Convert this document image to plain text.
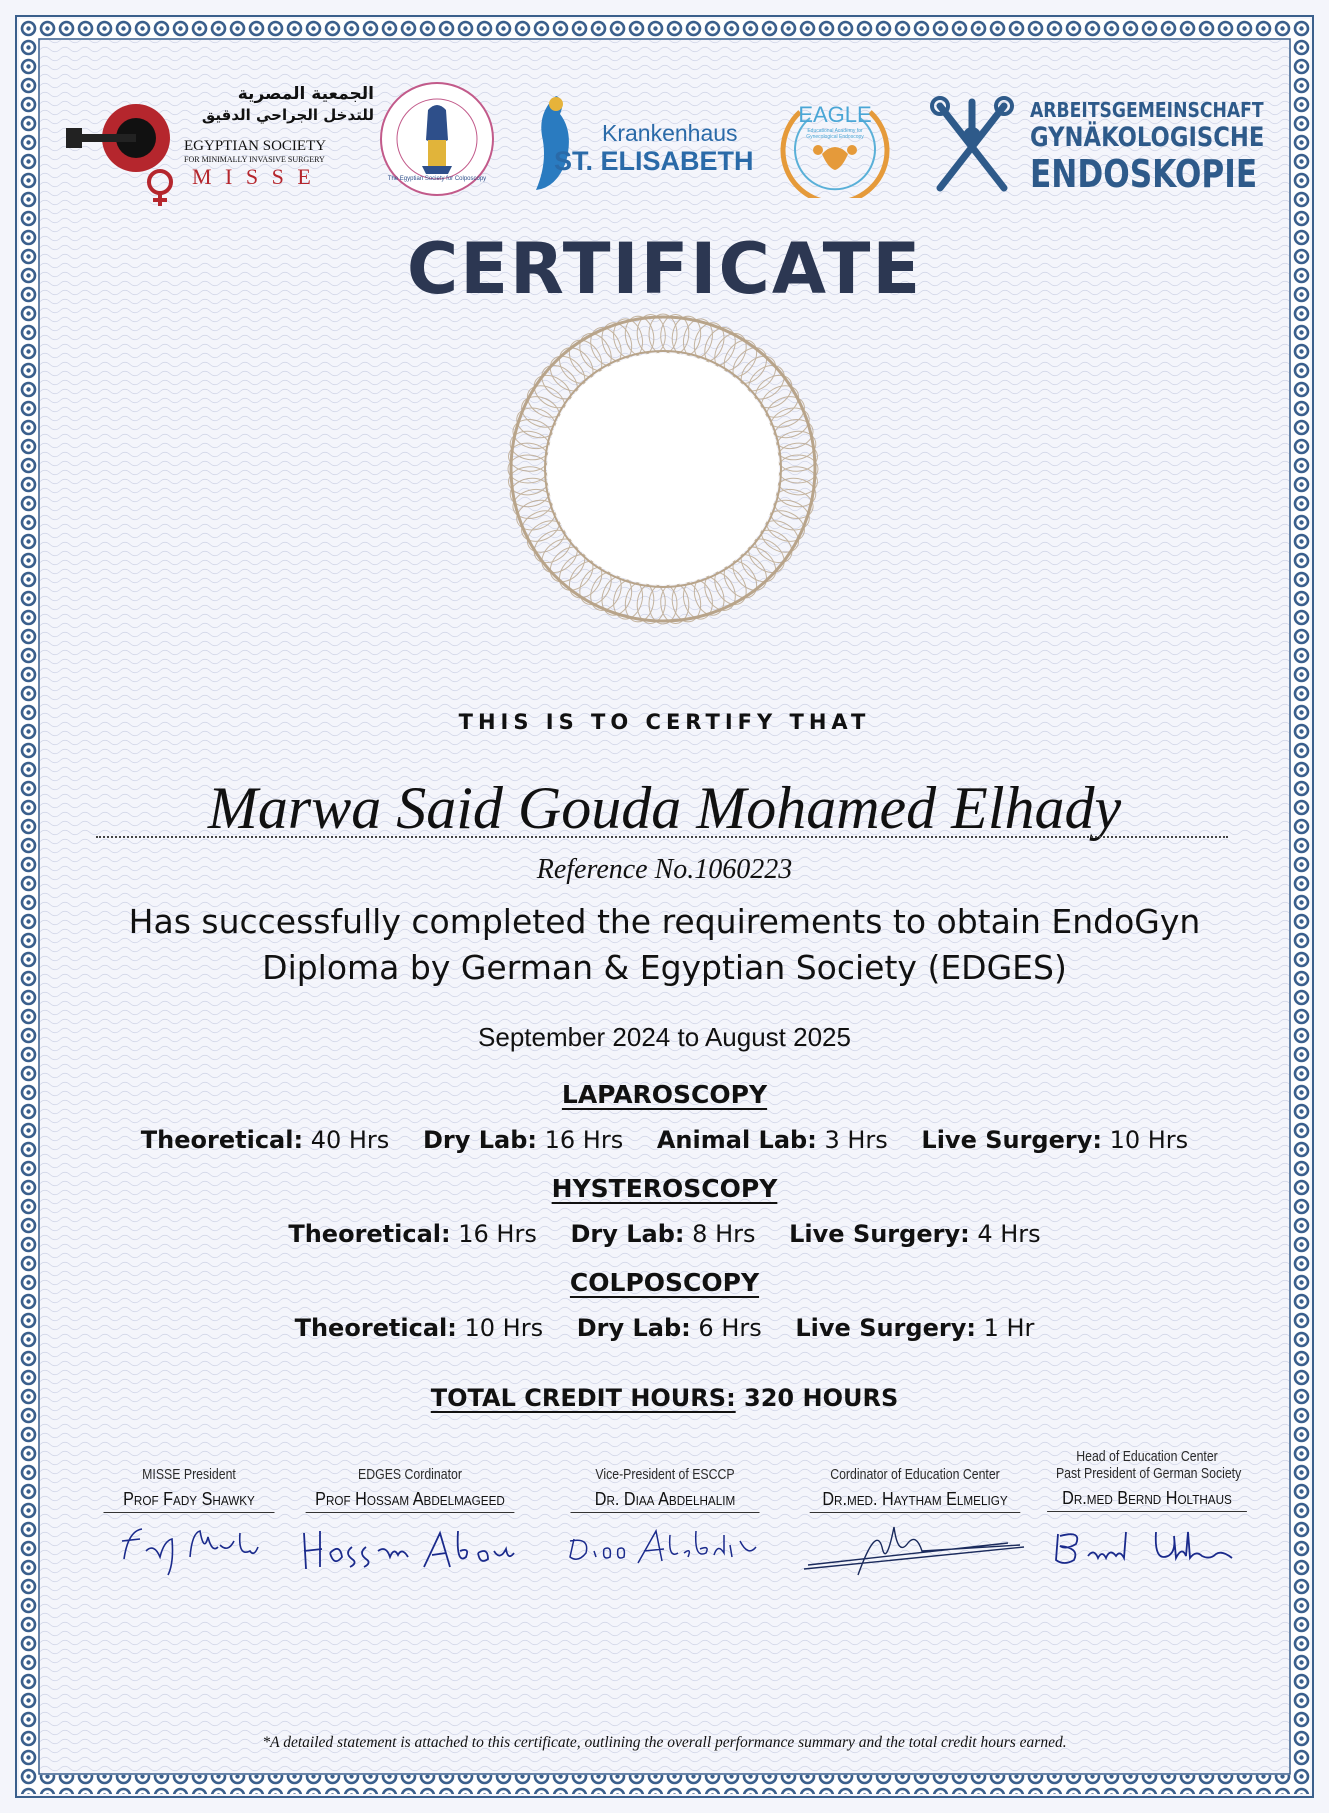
الجمعية المصرية
للتدخل الجراحي الدقيق
EGYPTIAN SOCIETY
FOR MINIMALLY INVASIVE SURGERY
M I S S E	The Egyptian Society for Colposcopy
Krankenhaus
ST. ELISABETH
EAGLE
Educational Academy for Gynecological Endoscopy
ARBEITSGEMEINSCHAFT
GYNÄKOLOGISCHE
ENDOSKOPIE
CERTIFICATE
THIS IS TO CERTIFY THAT
Marwa Said Gouda Mohamed Elhady
Reference No.1060223
Has successfully completed the requirements to obtain EndoGyn
Diploma by German & Egyptian Society (EDGES)
September 2024 to August 2025
LAPAROSCOPY
Theoretical: 40 Hrs Dry Lab: 16 Hrs Animal Lab: 3 Hrs Live Surgery: 10 Hrs
HYSTEROSCOPY
Theoretical: 16 Hrs Dry Lab: 8 Hrs Live Surgery: 4 Hrs
COLPOSCOPY
Theoretical: 10 Hrs Dry Lab: 6 Hrs Live Surgery: 1 Hr
TOTAL CREDIT HOURS: 320 HOURS
MISSE President
Prof Fady Shawky
EDGES Cordinator
Prof Hossam Abdelmageed
Vice-President of ESCCP
Dr. Diaa Abdelhalim
Cordinator of Education Center
Dr.med. Haytham Elmeligy
Head of Education Center
Past President of German Society
Dr.med Bernd Holthaus
*A detailed statement is attached to this certificate, outlining the overall performance summary and the total credit hours earned.
